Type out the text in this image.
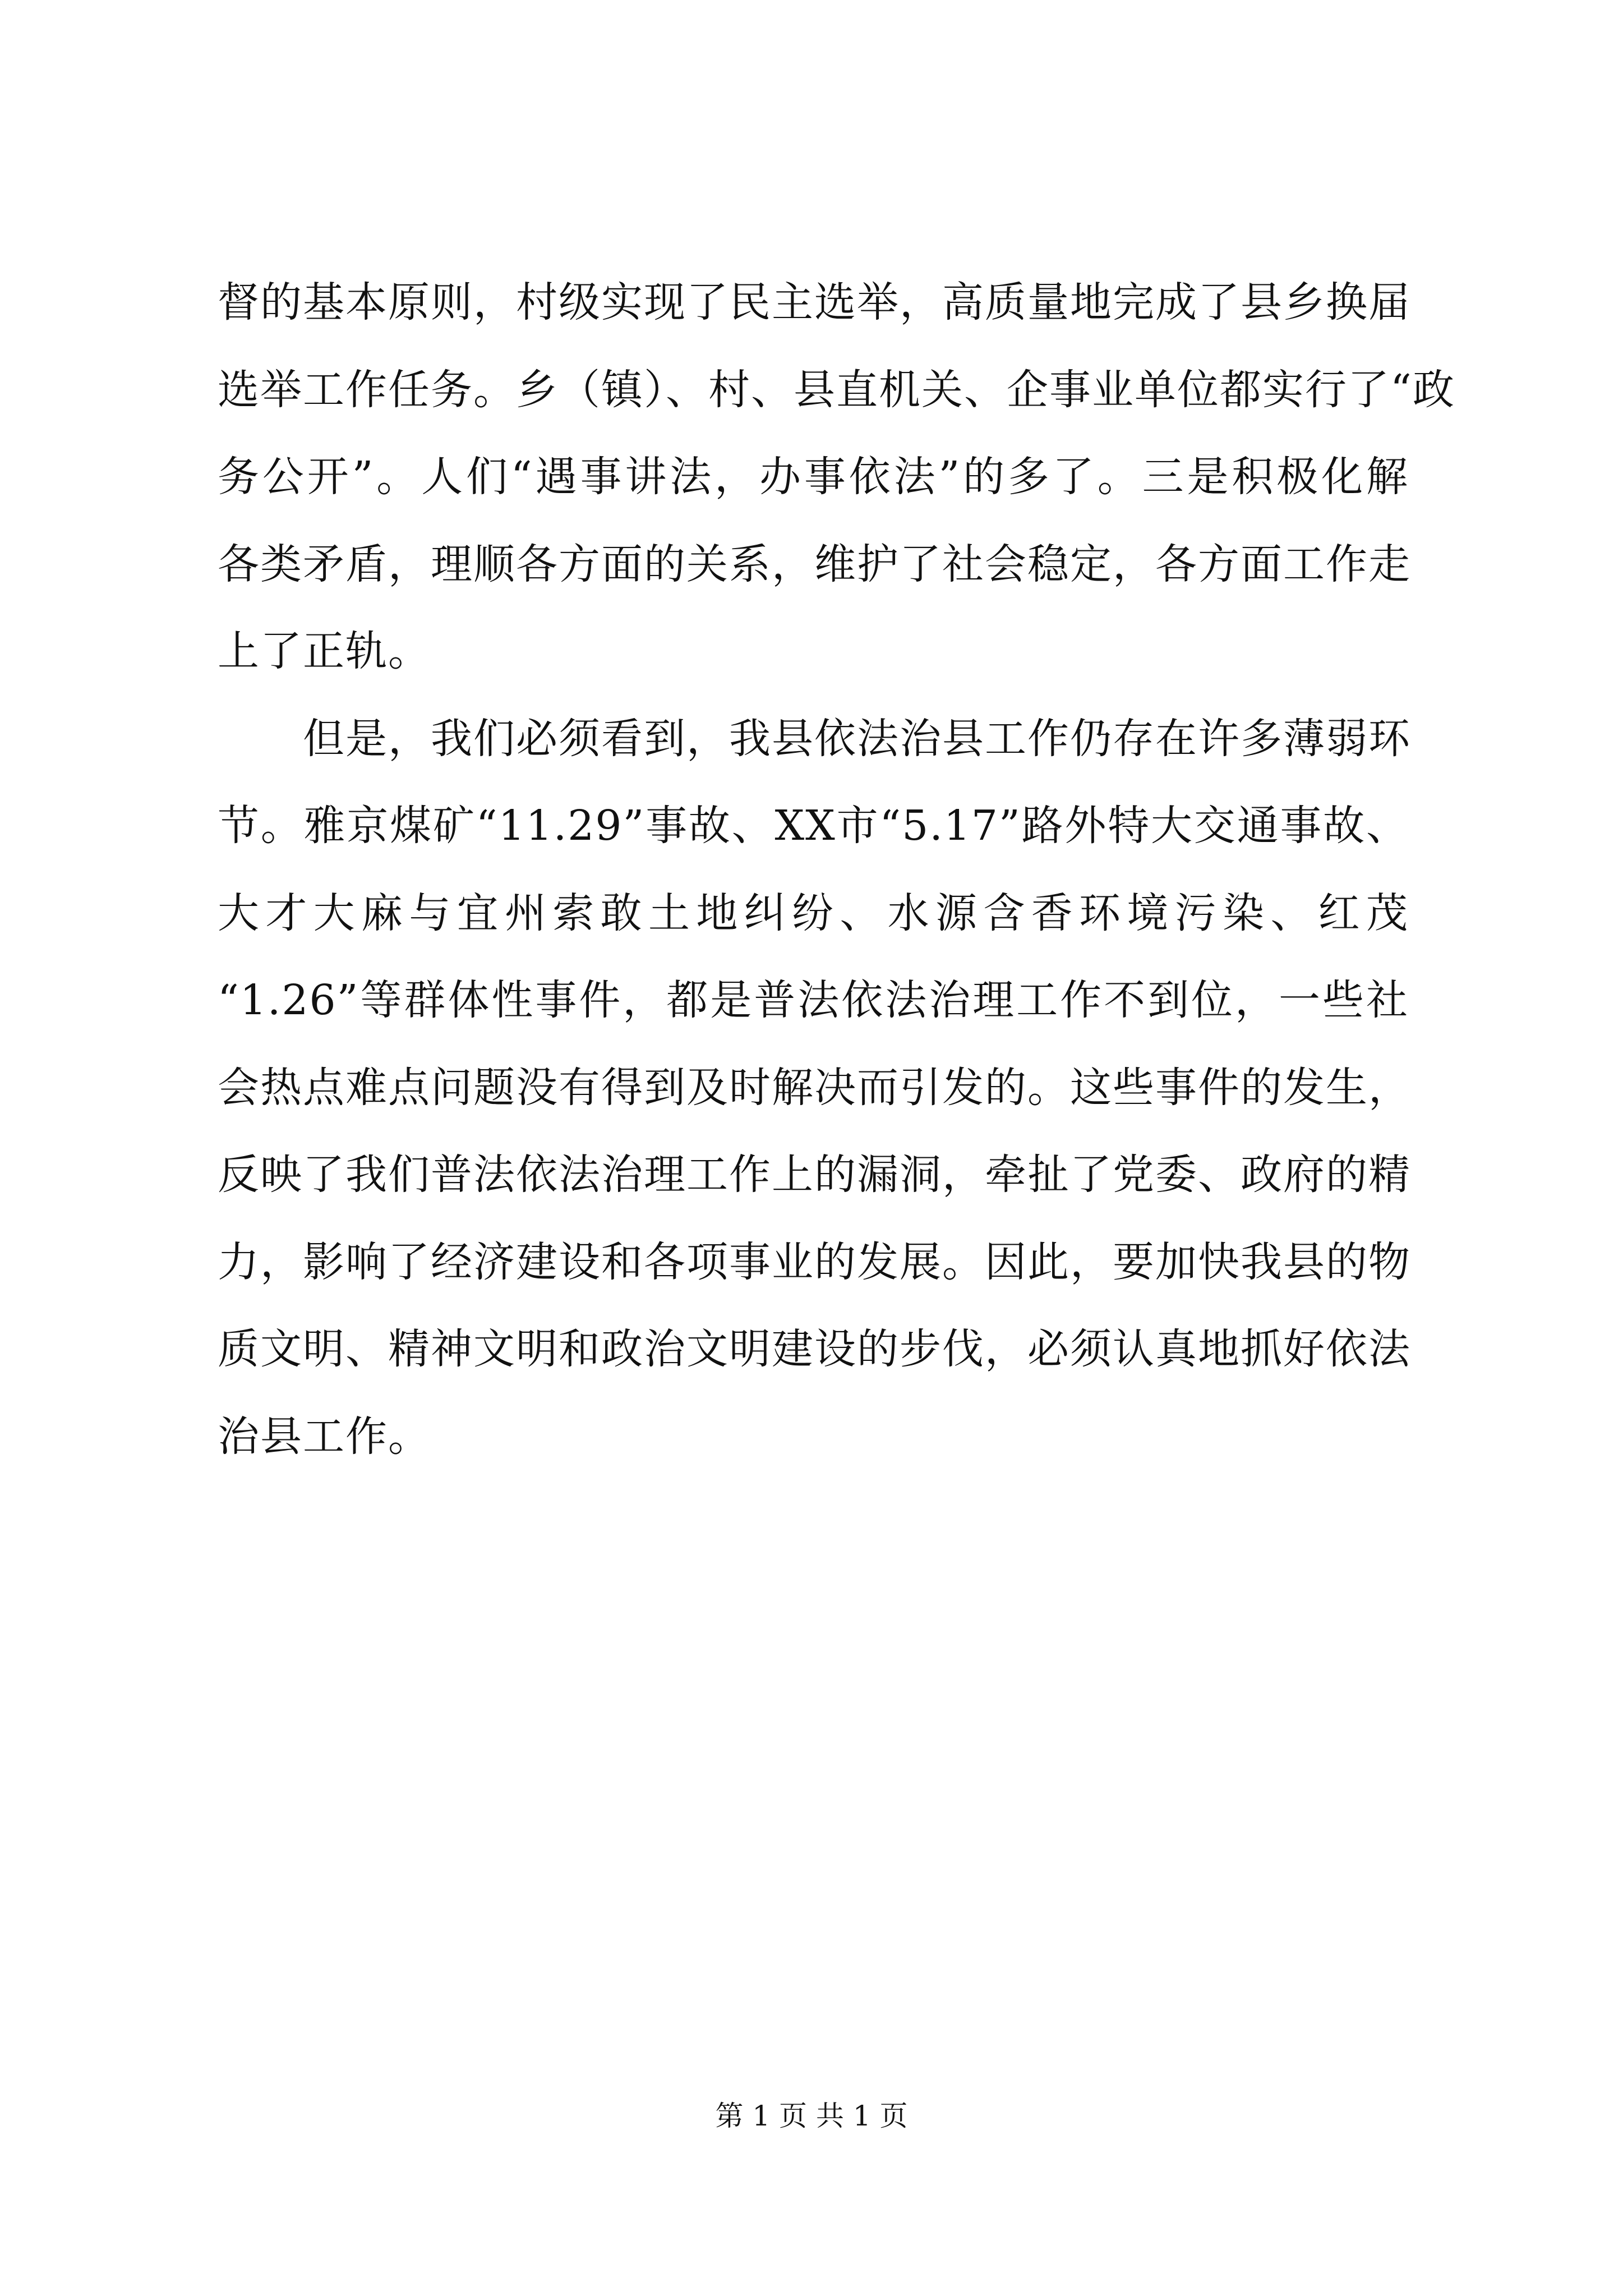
督的基本原则，村级实现了民主选举，高质量地完成了县乡换届
选举工作任务。乡（镇）、村、县直机关、企事业单位都实行了“政
务公开”。人们“遇事讲法，办事依法”的多了。三是积极化解
各类矛盾，理顺各方面的关系，维护了社会稳定，各方面工作走
上了正轨。
　　但是，我们必须看到，我县依法治县工作仍存在许多薄弱环
节。雅京煤矿“11.29”事故、XX市“5.17”路外特大交通事故、
大才大麻与宜州索敢土地纠纷、水源含香环境污染、红茂
“1.26”等群体性事件，都是普法依法治理工作不到位，一些社
会热点难点问题没有得到及时解决而引发的。这些事件的发生，
反映了我们普法依法治理工作上的漏洞，牵扯了党委、政府的精
力，影响了经济建设和各项事业的发展。因此，要加快我县的物
质文明、精神文明和政治文明建设的步伐，必须认真地抓好依法
治县工作。
第 1 页 共 1 页
